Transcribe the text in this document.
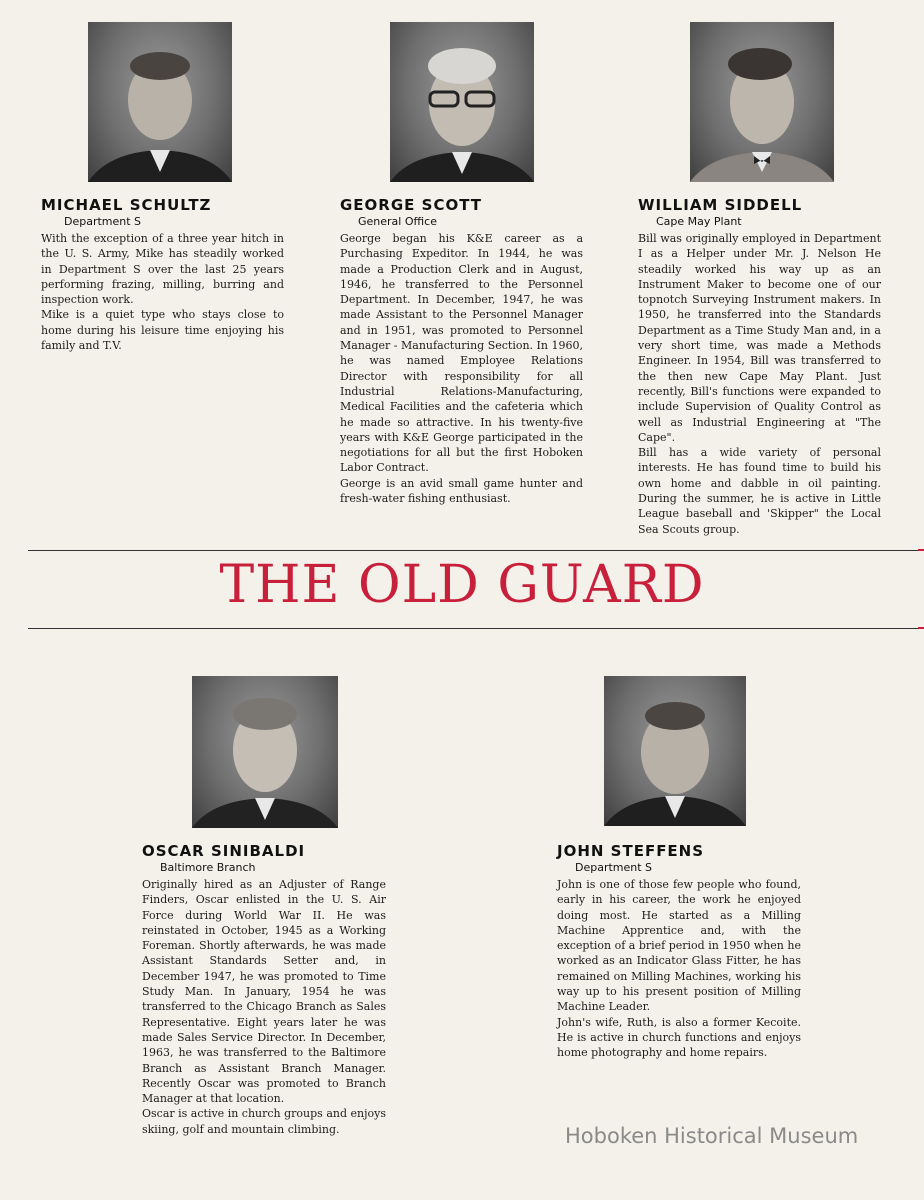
MICHAEL SCHULTZ
Department S

With the exception of a three year hitch in the U. S. Army, Mike has steadily worked in Department S over the last 25 years performing frazing, milling, burring and inspection work.

Mike is a quiet type who stays close to home during his leisure time enjoying his family and T.V.

GEORGE SCOTT
General Office

George began his K&E career as a Purchasing Expeditor. In 1944, he was made a Production Clerk and in August, 1946, he transferred to the Personnel Department. In December, 1947, he was made Assistant to the Personnel Manager and in 1951, was promoted to Personnel Manager - Manufacturing Section. In 1960, he was named Employee Relations Director with responsibility for all Industrial Relations-Manufacturing, Medical Facilities and the cafeteria which he made so attractive. In his twenty-five years with K&E George participated in the negotiations for all but the first Hoboken Labor Contract.

George is an avid small game hunter and fresh-water fishing enthusiast.

WILLIAM SIDDELL
Cape May Plant

Bill was originally employed in Department I as a Helper under Mr. J. Nelson He steadily worked his way up as an Instrument Maker to become one of our topnotch Surveying Instrument makers. In 1950, he transferred into the Standards Department as a Time Study Man and, in a very short time, was made a Methods Engineer. In 1954, Bill was transferred to the then new Cape May Plant. Just recently, Bill's functions were expanded to include Supervision of Quality Control as well as Industrial Engineering at "The Cape".

Bill has a wide variety of personal interests. He has found time to build his own home and dabble in oil painting. During the summer, he is active in Little League baseball and 'Skipper" the Local Sea Scouts group.

THE OLD GUARD
OSCAR SINIBALDI
Baltimore Branch

Originally hired as an Adjuster of Range Finders, Oscar enlisted in the U. S. Air Force during World War II. He was reinstated in October, 1945 as a Working Foreman. Shortly afterwards, he was made Assistant Standards Setter and, in December 1947, he was promoted to Time Study Man. In January, 1954 he was transferred to the Chicago Branch as Sales Representative. Eight years later he was made Sales Service Director. In December, 1963, he was transferred to the Baltimore Branch as Assistant Branch Manager. Recently Oscar was promoted to Branch Manager at that location.

Oscar is active in church groups and enjoys skiing, golf and mountain climbing.

JOHN STEFFENS
Department S

John is one of those few people who found, early in his career, the work he enjoyed doing most. He started as a Milling Machine Apprentice and, with the exception of a brief period in 1950 when he worked as an Indicator Glass Fitter, he has remained on Milling Machines, working his way up to his present position of Milling Machine Leader.

John's wife, Ruth, is also a former Kecoite. He is active in church functions and enjoys home photography and home repairs.

Hoboken Historical Museum
